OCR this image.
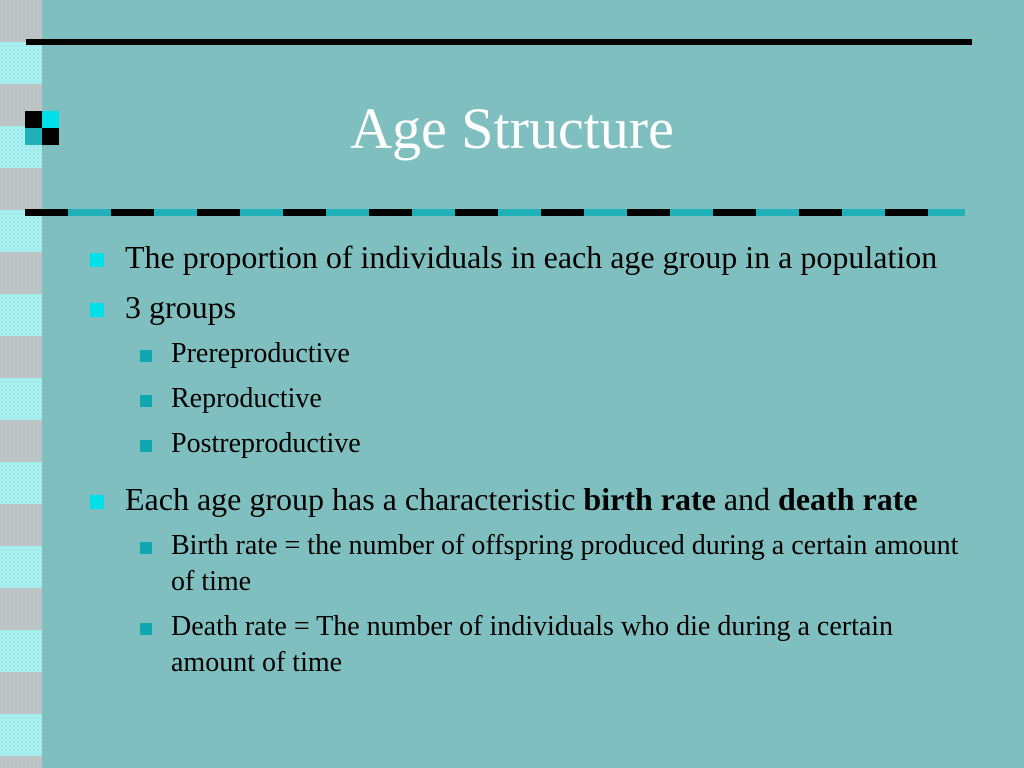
Age Structure
The proportion of individuals in each age group in a population
3 groups
Prereproductive
Reproductive
Postreproductive
Each age group has a characteristic birth rate and death rate
Birth rate = the number of offspring produced during a certain amount of time
Death rate = The number of individuals who die during a certain amount of time
